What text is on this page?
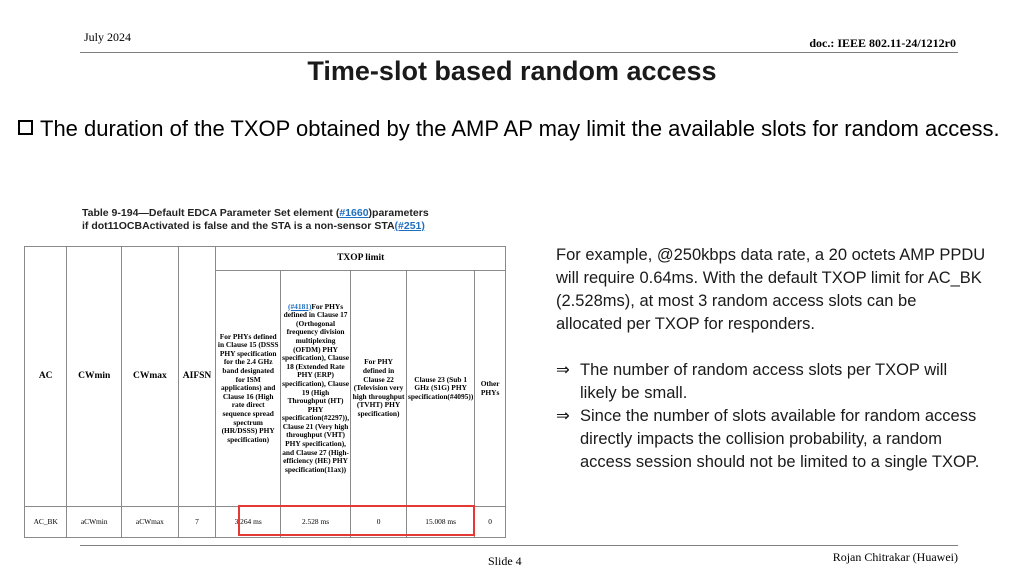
July 2024	doc.: IEEE 802.11-24/1212r0
Time-slot based random access
The duration of the TXOP obtained by the AMP AP may limit the available slots for random access.
Table 9-194—Default EDCA Parameter Set element (#1660)parameters
if dot11OCBActivated is false and the STA is a non-sensor STA(#251)
AC	CWmin	CWmax	AIFSN	TXOP limit				
				For PHYs defined in Clause 15 (DSSS PHY specification for the 2.4 GHz band designated for ISM applications) and Clause 16 (High rate direct sequence spread spectrum (HR/DSSS) PHY specification)	(#4181)For PHYs defined in Clause 17 (Orthogonal frequency division multiplexing (OFDM) PHY specification), Clause 18 (Extended Rate PHY (ERP) specification), Clause 19 (High Throughput (HT) PHY specification(#2297)), Clause 21 (Very high throughput (VHT) PHY specification), and Clause 27 (High-efficiency (HE) PHY specification(11ax))	For PHY defined in Clause 22 (Television very high throughput (TVHT) PHY specification)	Clause 23 (Sub 1 GHz (S1G) PHY specification(#4095))	Other PHYs
AC_BK	aCWmin	aCWmax	7	3.264 ms	2.528 ms	0	15.008 ms	0

For example, @250kbps data rate, a 20 octets AMP PPDU will require 0.64ms. With the default TXOP limit for AC_BK (2.528ms), at most 3 random access slots can be allocated per TXOP for responders.

⇒ The number of random access slots per TXOP will likely be small.
⇒ Since the number of slots available for random access directly impacts the collision probability, a random access session should not be limited to a single TXOP.
Slide 4	Rojan Chitrakar (Huawei)
